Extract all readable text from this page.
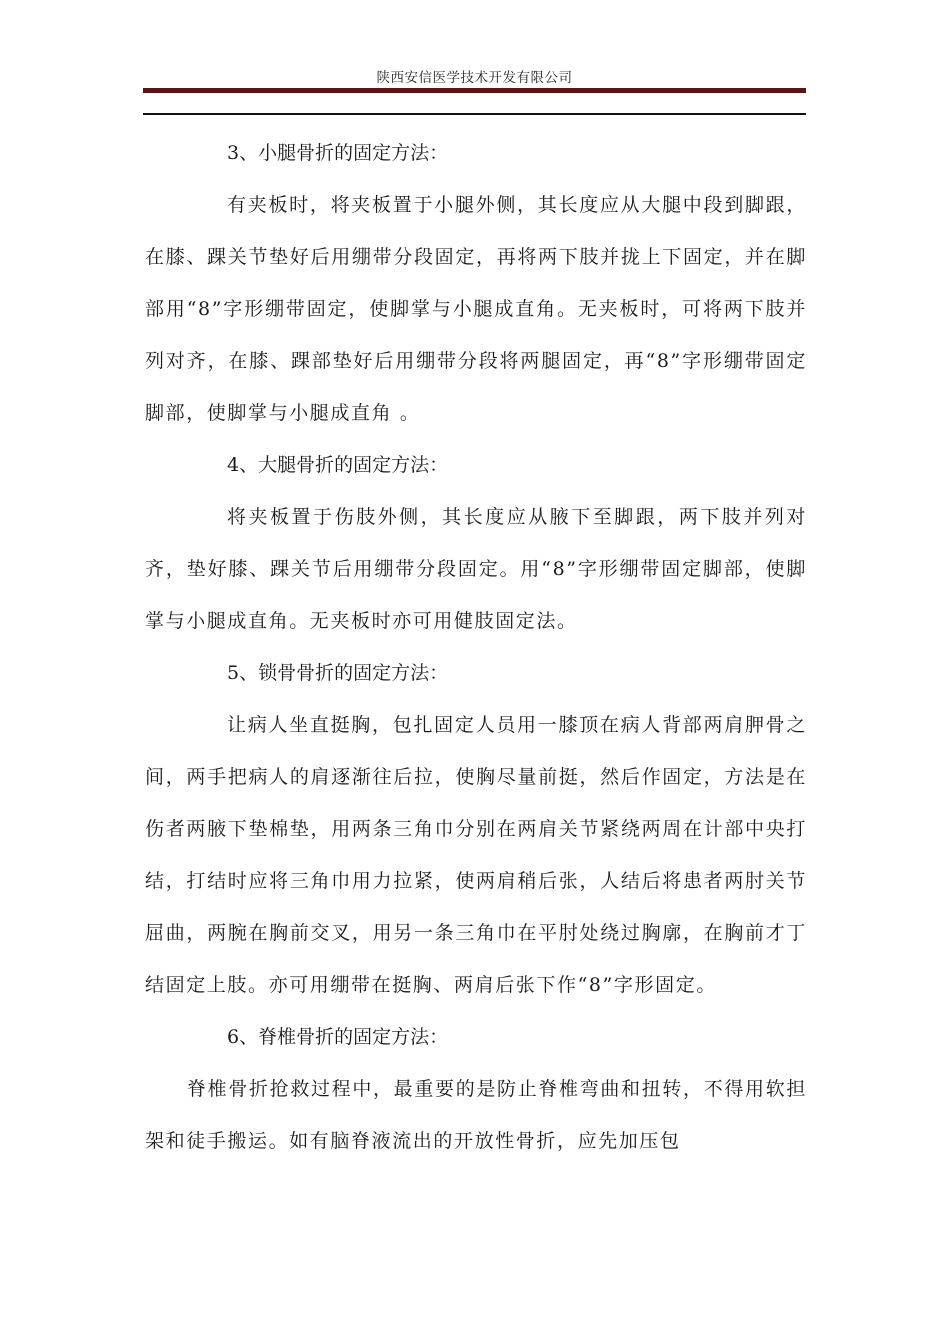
陕西安信医学技术开发有限公司

3、小腿骨折的固定方法：

有夹板时，将夹板置于小腿外侧，其长度应从大腿中段到脚跟，在膝、踝关节垫好后用绷带分段固定，再将两下肢并拢上下固定，并在脚部用“8”字形绷带固定，使脚掌与小腿成直角。无夹板时，可将两下肢并列对齐，在膝、踝部垫好后用绷带分段将两腿固定，再“8”字形绷带固定脚部，使脚掌与小腿成直角 。

4、大腿骨折的固定方法：

将夹板置于伤肢外侧，其长度应从腋下至脚跟，两下肢并列对齐，垫好膝、踝关节后用绷带分段固定。用“8”字形绷带固定脚部，使脚掌与小腿成直角。无夹板时亦可用健肢固定法。

5、锁骨骨折的固定方法：

让病人坐直挺胸，包扎固定人员用一膝顶在病人背部两肩胛骨之间，两手把病人的肩逐渐往后拉，使胸尽量前挺，然后作固定，方法是在伤者两腋下垫棉垫，用两条三角巾分别在两肩关节紧绕两周在计部中央打结，打结时应将三角巾用力拉紧，使两肩稍后张，人结后将患者两肘关节屈曲，两腕在胸前交叉，用另一条三角巾在平肘处绕过胸廓，在胸前才丁结固定上肢。亦可用绷带在挺胸、两肩后张下作“8”字形固定。

6、脊椎骨折的固定方法：

脊椎骨折抢救过程中，最重要的是防止脊椎弯曲和扭转，不得用软担架和徒手搬运。如有脑脊液流出的开放性骨折，应先加压包
